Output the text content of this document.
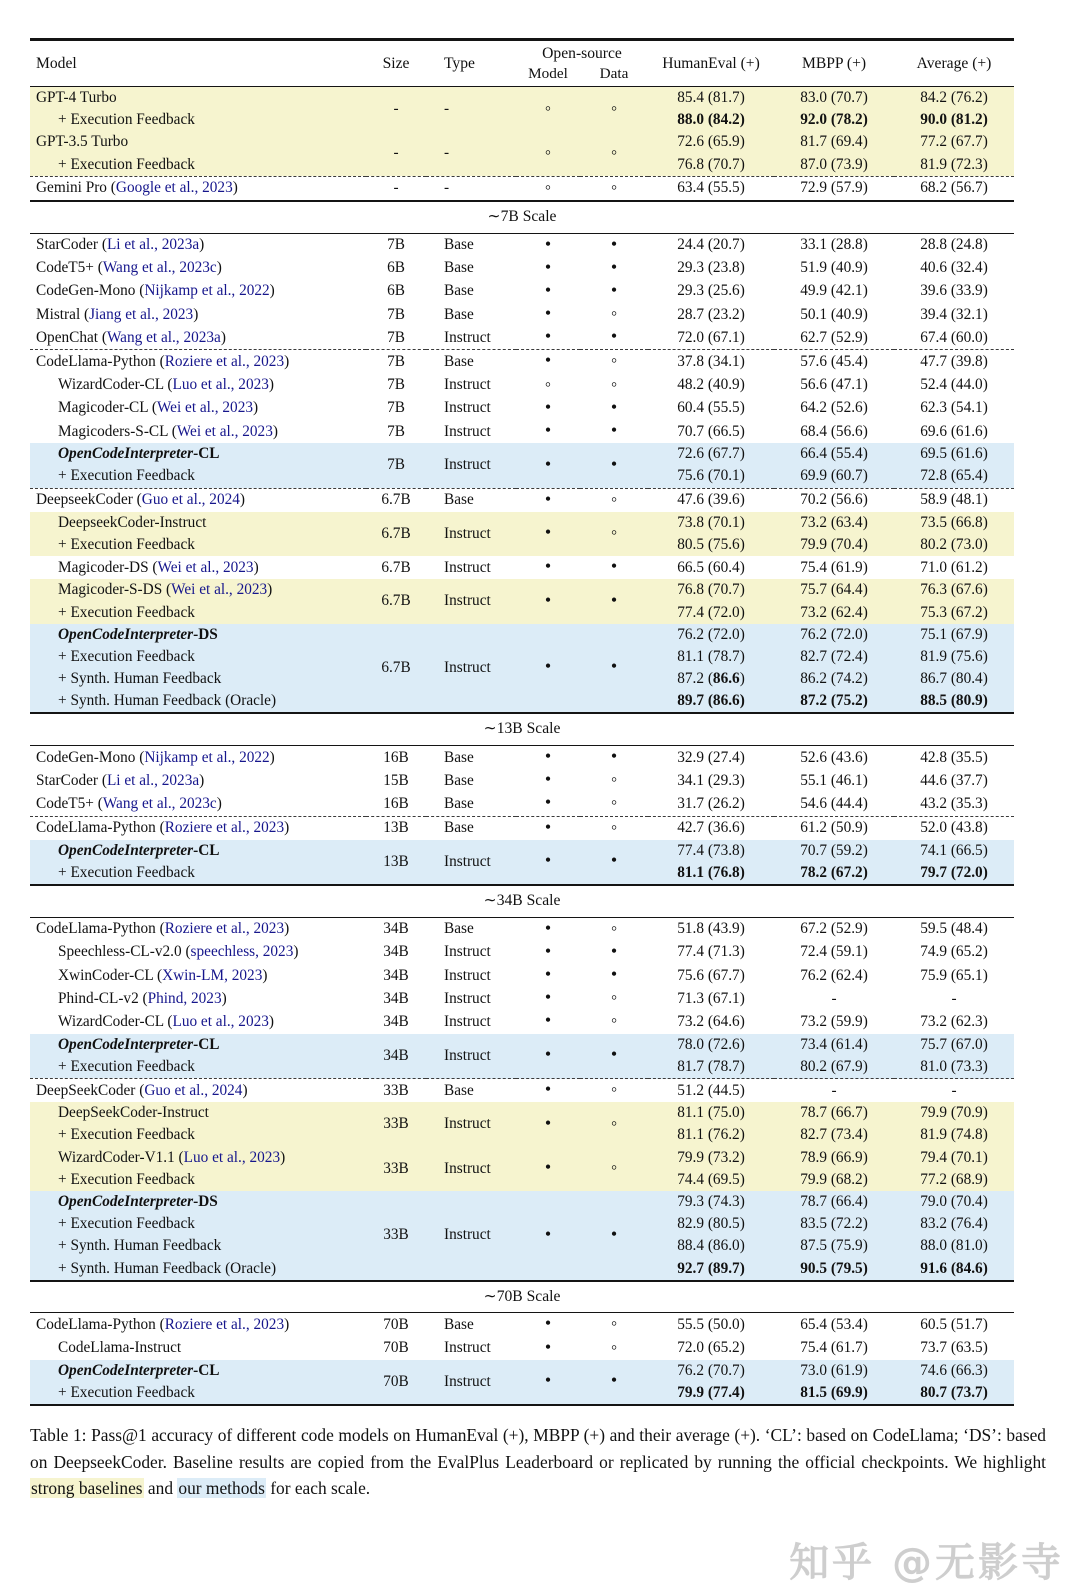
Model	Size	Type	Open-source		HumanEval (+)	MBPP (+)	Average (+)
			Model	Data			
GPT-4 Turbo	-	-	◦	◦	85.4 (81.7)	83.0 (70.7)	84.2 (76.2)
+ Execution Feedback					88.0 (84.2)	92.0 (78.2)	90.0 (81.2)
GPT-3.5 Turbo	-	-	◦	◦	72.6 (65.9)	81.7 (69.4)	77.2 (67.7)
+ Execution Feedback					76.8 (70.7)	87.0 (73.9)	81.9 (72.3)
Gemini Pro (Google et al., 2023)	-	-	◦	◦	63.4 (55.5)	72.9 (57.9)	68.2 (56.7)
∼7B Scale							
StarCoder (Li et al., 2023a)	7B	Base	•	•	24.4 (20.7)	33.1 (28.8)	28.8 (24.8)
CodeT5+ (Wang et al., 2023c)	6B	Base	•	•	29.3 (23.8)	51.9 (40.9)	40.6 (32.4)
CodeGen-Mono (Nijkamp et al., 2022)	6B	Base	•	•	29.3 (25.6)	49.9 (42.1)	39.6 (33.9)
Mistral (Jiang et al., 2023)	7B	Base	•	◦	28.7 (23.2)	50.1 (40.9)	39.4 (32.1)
OpenChat (Wang et al., 2023a)	7B	Instruct	•	•	72.0 (67.1)	62.7 (52.9)	67.4 (60.0)
CodeLlama-Python (Roziere et al., 2023)	7B	Base	•	◦	37.8 (34.1)	57.6 (45.4)	47.7 (39.8)
WizardCoder-CL (Luo et al., 2023)	7B	Instruct	◦	◦	48.2 (40.9)	56.6 (47.1)	52.4 (44.0)
Magicoder-CL (Wei et al., 2023)	7B	Instruct	•	•	60.4 (55.5)	64.2 (52.6)	62.3 (54.1)
Magicoders-S-CL (Wei et al., 2023)	7B	Instruct	•	•	70.7 (66.5)	68.4 (56.6)	69.6 (61.6)
OpenCodeInterpreter-CL	7B	Instruct	•	•	72.6 (67.7)	66.4 (55.4)	69.5 (61.6)
+ Execution Feedback					75.6 (70.1)	69.9 (60.7)	72.8 (65.4)
DeepseekCoder (Guo et al., 2024)	6.7B	Base	•	◦	47.6 (39.6)	70.2 (56.6)	58.9 (48.1)
DeepseekCoder-Instruct	6.7B	Instruct	•	◦	73.8 (70.1)	73.2 (63.4)	73.5 (66.8)
+ Execution Feedback					80.5 (75.6)	79.9 (70.4)	80.2 (73.0)
Magicoder-DS (Wei et al., 2023)	6.7B	Instruct	•	•	66.5 (60.4)	75.4 (61.9)	71.0 (61.2)
Magicoder-S-DS (Wei et al., 2023)	6.7B	Instruct	•	•	76.8 (70.7)	75.7 (64.4)	76.3 (67.6)
+ Execution Feedback					77.4 (72.0)	73.2 (62.4)	75.3 (67.2)
OpenCodeInterpreter-DS	6.7B	Instruct	•	•	76.2 (72.0)	76.2 (72.0)	75.1 (67.9)
+ Execution Feedback					81.1 (78.7)	82.7 (72.4)	81.9 (75.6)
+ Synth. Human Feedback					87.2 (86.6)	86.2 (74.2)	86.7 (80.4)
+ Synth. Human Feedback (Oracle)					89.7 (86.6)	87.2 (75.2)	88.5 (80.9)
∼13B Scale							
CodeGen-Mono (Nijkamp et al., 2022)	16B	Base	•	•	32.9 (27.4)	52.6 (43.6)	42.8 (35.5)
StarCoder (Li et al., 2023a)	15B	Base	•	◦	34.1 (29.3)	55.1 (46.1)	44.6 (37.7)
CodeT5+ (Wang et al., 2023c)	16B	Base	•	◦	31.7 (26.2)	54.6 (44.4)	43.2 (35.3)
CodeLlama-Python (Roziere et al., 2023)	13B	Base	•	◦	42.7 (36.6)	61.2 (50.9)	52.0 (43.8)
OpenCodeInterpreter-CL	13B	Instruct	•	•	77.4 (73.8)	70.7 (59.2)	74.1 (66.5)
+ Execution Feedback					81.1 (76.8)	78.2 (67.2)	79.7 (72.0)
∼34B Scale							
CodeLlama-Python (Roziere et al., 2023)	34B	Base	•	◦	51.8 (43.9)	67.2 (52.9)	59.5 (48.4)
Speechless-CL-v2.0 (speechless, 2023)	34B	Instruct	•	•	77.4 (71.3)	72.4 (59.1)	74.9 (65.2)
XwinCoder-CL (Xwin-LM, 2023)	34B	Instruct	•	•	75.6 (67.7)	76.2 (62.4)	75.9 (65.1)
Phind-CL-v2 (Phind, 2023)	34B	Instruct	•	◦	71.3 (67.1)	-	-
WizardCoder-CL (Luo et al., 2023)	34B	Instruct	•	◦	73.2 (64.6)	73.2 (59.9)	73.2 (62.3)
OpenCodeInterpreter-CL	34B	Instruct	•	•	78.0 (72.6)	73.4 (61.4)	75.7 (67.0)
+ Execution Feedback					81.7 (78.7)	80.2 (67.9)	81.0 (73.3)
DeepSeekCoder (Guo et al., 2024)	33B	Base	•	◦	51.2 (44.5)	-	-
DeepSeekCoder-Instruct	33B	Instruct	•	◦	81.1 (75.0)	78.7 (66.7)	79.9 (70.9)
+ Execution Feedback					81.1 (76.2)	82.7 (73.4)	81.9 (74.8)
WizardCoder-V1.1 (Luo et al., 2023)	33B	Instruct	•	◦	79.9 (73.2)	78.9 (66.9)	79.4 (70.1)
+ Execution Feedback					74.4 (69.5)	79.9 (68.2)	77.2 (68.9)
OpenCodeInterpreter-DS	33B	Instruct	•	•	79.3 (74.3)	78.7 (66.4)	79.0 (70.4)
+ Execution Feedback					82.9 (80.5)	83.5 (72.2)	83.2 (76.4)
+ Synth. Human Feedback					88.4 (86.0)	87.5 (75.9)	88.0 (81.0)
+ Synth. Human Feedback (Oracle)					92.7 (89.7)	90.5 (79.5)	91.6 (84.6)
∼70B Scale							
CodeLlama-Python (Roziere et al., 2023)	70B	Base	•	◦	55.5 (50.0)	65.4 (53.4)	60.5 (51.7)
CodeLlama-Instruct	70B	Instruct	•	◦	72.0 (65.2)	75.4 (61.7)	73.7 (63.5)
OpenCodeInterpreter-CL	70B	Instruct	•	•	76.2 (70.7)	73.0 (61.9)	74.6 (66.3)
+ Execution Feedback					79.9 (77.4)	81.5 (69.9)	80.7 (73.7)

Table 1: Pass@1 accuracy of different code models on HumanEval (+), MBPP (+) and their average (+). ‘CL’: based on CodeLlama; ‘DS’: based on DeepseekCoder. Baseline results are copied from the EvalPlus Leaderboard or replicated by running the official checkpoints. We highlight strong baselines and our methods for each scale.

知乎 @无影寺
